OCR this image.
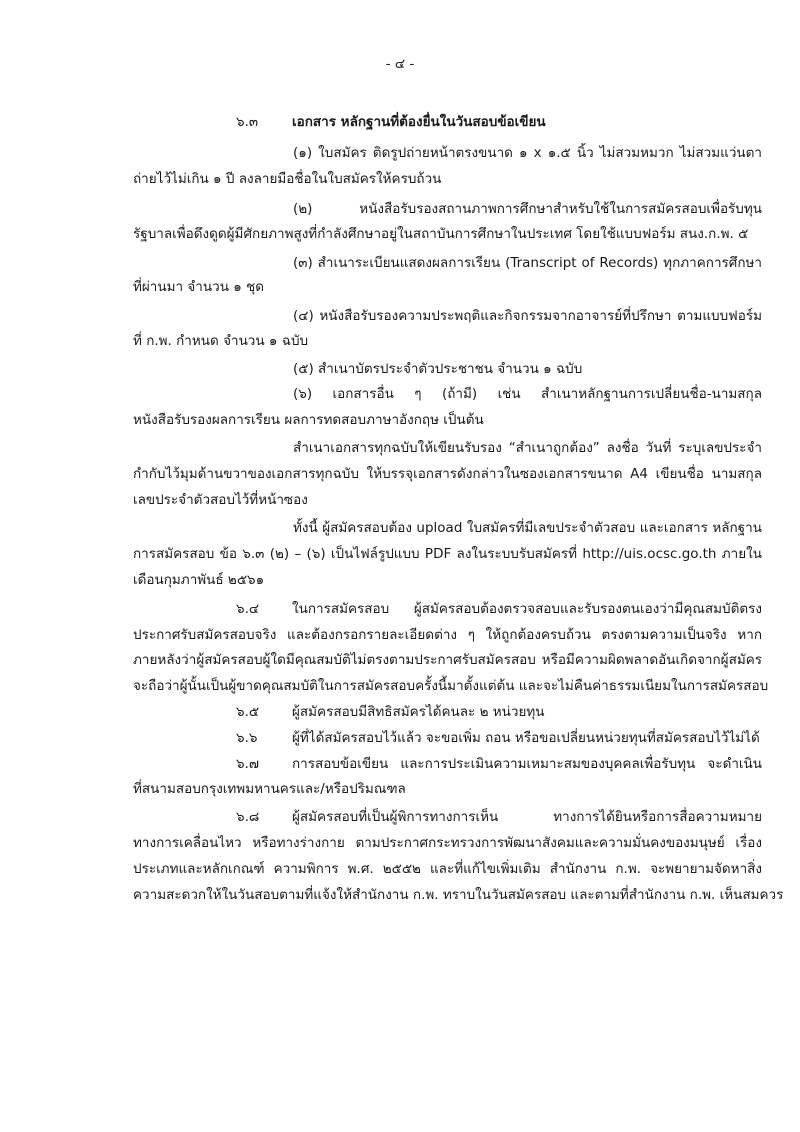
- ๔ -
๖.๓	เอกสาร หลักฐานที่ต้องยื่นในวันสอบข้อเขียน
(๑) ใบสมัคร ติดรูปถ่ายหน้าตรงขนาด ๑ x ๑.๕ นิ้ว ไม่สวมหมวก ไม่สวมแว่นตา
ถ่ายไว้ไม่เกิน ๑ ปี ลงลายมือชื่อในใบสมัครให้ครบถ้วน
(๒) หนังสือรับรองสถานภาพการศึกษาสำหรับใช้ในการสมัครสอบเพื่อรับทุน
รัฐบาลเพื่อดึงดูดผู้มีศักยภาพสูงที่กำลังศึกษาอยู่ในสถาบันการศึกษาในประเทศ โดยใช้แบบฟอร์ม สนง.ก.พ. ๕
(๓) สำเนาระเบียนแสดงผลการเรียน (Transcript of Records) ทุกภาคการศึกษา
ที่ผ่านมา จำนวน ๑ ชุด
(๔) หนังสือรับรองความประพฤติและกิจกรรมจากอาจารย์ที่ปรึกษา ตามแบบฟอร์ม
ที่ ก.พ. กำหนด จำนวน ๑ ฉบับ
(๕) สำเนาบัตรประจำตัวประชาชน จำนวน ๑ ฉบับ
(๖) เอกสารอื่น ๆ (ถ้ามี) เช่น สำเนาหลักฐานการเปลี่ยนชื่อ-นามสกุล
หนังสือรับรองผลการเรียน ผลการทดสอบภาษาอังกฤษ เป็นต้น
สำเนาเอกสารทุกฉบับให้เขียนรับรอง “สำเนาถูกต้อง” ลงชื่อ วันที่ ระบุเลขประจำ
กำกับไว้มุมด้านขวาของเอกสารทุกฉบับ ให้บรรจุเอกสารดังกล่าวในซองเอกสารขนาด A4 เขียนชื่อ นามสกุล
เลขประจำตัวสอบไว้ที่หน้าซอง
ทั้งนี้ ผู้สมัครสอบต้อง upload ใบสมัครที่มีเลขประจำตัวสอบ และเอกสาร หลักฐาน
การสมัครสอบ ข้อ ๖.๓ (๒) – (๖) เป็นไฟล์รูปแบบ PDF ลงในระบบรับสมัครที่ http://uis.ocsc.go.th ภายใน
เดือนกุมภาพันธ์ ๒๕๖๑
๖.๔ ในการสมัครสอบ ผู้สมัครสอบต้องตรวจสอบและรับรองตนเองว่ามีคุณสมบัติตรง
ประกาศรับสมัครสอบจริง และต้องกรอกรายละเอียดต่าง ๆ ให้ถูกต้องครบถ้วน ตรงตามความเป็นจริง หาก
ภายหลังว่าผู้สมัครสอบผู้ใดมีคุณสมบัติไม่ตรงตามประกาศรับสมัครสอบ หรือมีความผิดพลาดอันเกิดจากผู้สมัคร
จะถือว่าผู้นั้นเป็นผู้ขาดคุณสมบัติในการสมัครสอบครั้งนี้มาตั้งแต่ต้น และจะไม่คืนค่าธรรมเนียมในการสมัครสอบ
๖.๕ ผู้สมัครสอบมีสิทธิสมัครได้คนละ ๒ หน่วยทุน
๖.๖	ผู้ที่ได้สมัครสอบไว้แล้ว จะขอเพิ่ม ถอน หรือขอเปลี่ยนหน่วยทุนที่สมัครสอบไว้ไม่ได้
๖.๗ การสอบข้อเขียน และการประเมินความเหมาะสมของบุคคลเพื่อรับทุน จะดำเนิน
ที่สนามสอบกรุงเทพมหานครและ/หรือปริมณฑล
๖.๘ ผู้สมัครสอบที่เป็นผู้พิการทางการเห็น ทางการได้ยินหรือการสื่อความหมาย
ทางการเคลื่อนไหว หรือทางร่างกาย ตามประกาศกระทรวงการพัฒนาสังคมและความมั่นคงของมนุษย์ เรื่อง
ประเภทและหลักเกณฑ์ ความพิการ พ.ศ. ๒๕๕๒ และที่แก้ไขเพิ่มเติม สำนักงาน ก.พ. จะพยายามจัดหาสิ่ง
ความสะดวกให้ในวันสอบตามที่แจ้งให้สำนักงาน ก.พ. ทราบในวันสมัครสอบ และตามที่สำนักงาน ก.พ. เห็นสมควร
